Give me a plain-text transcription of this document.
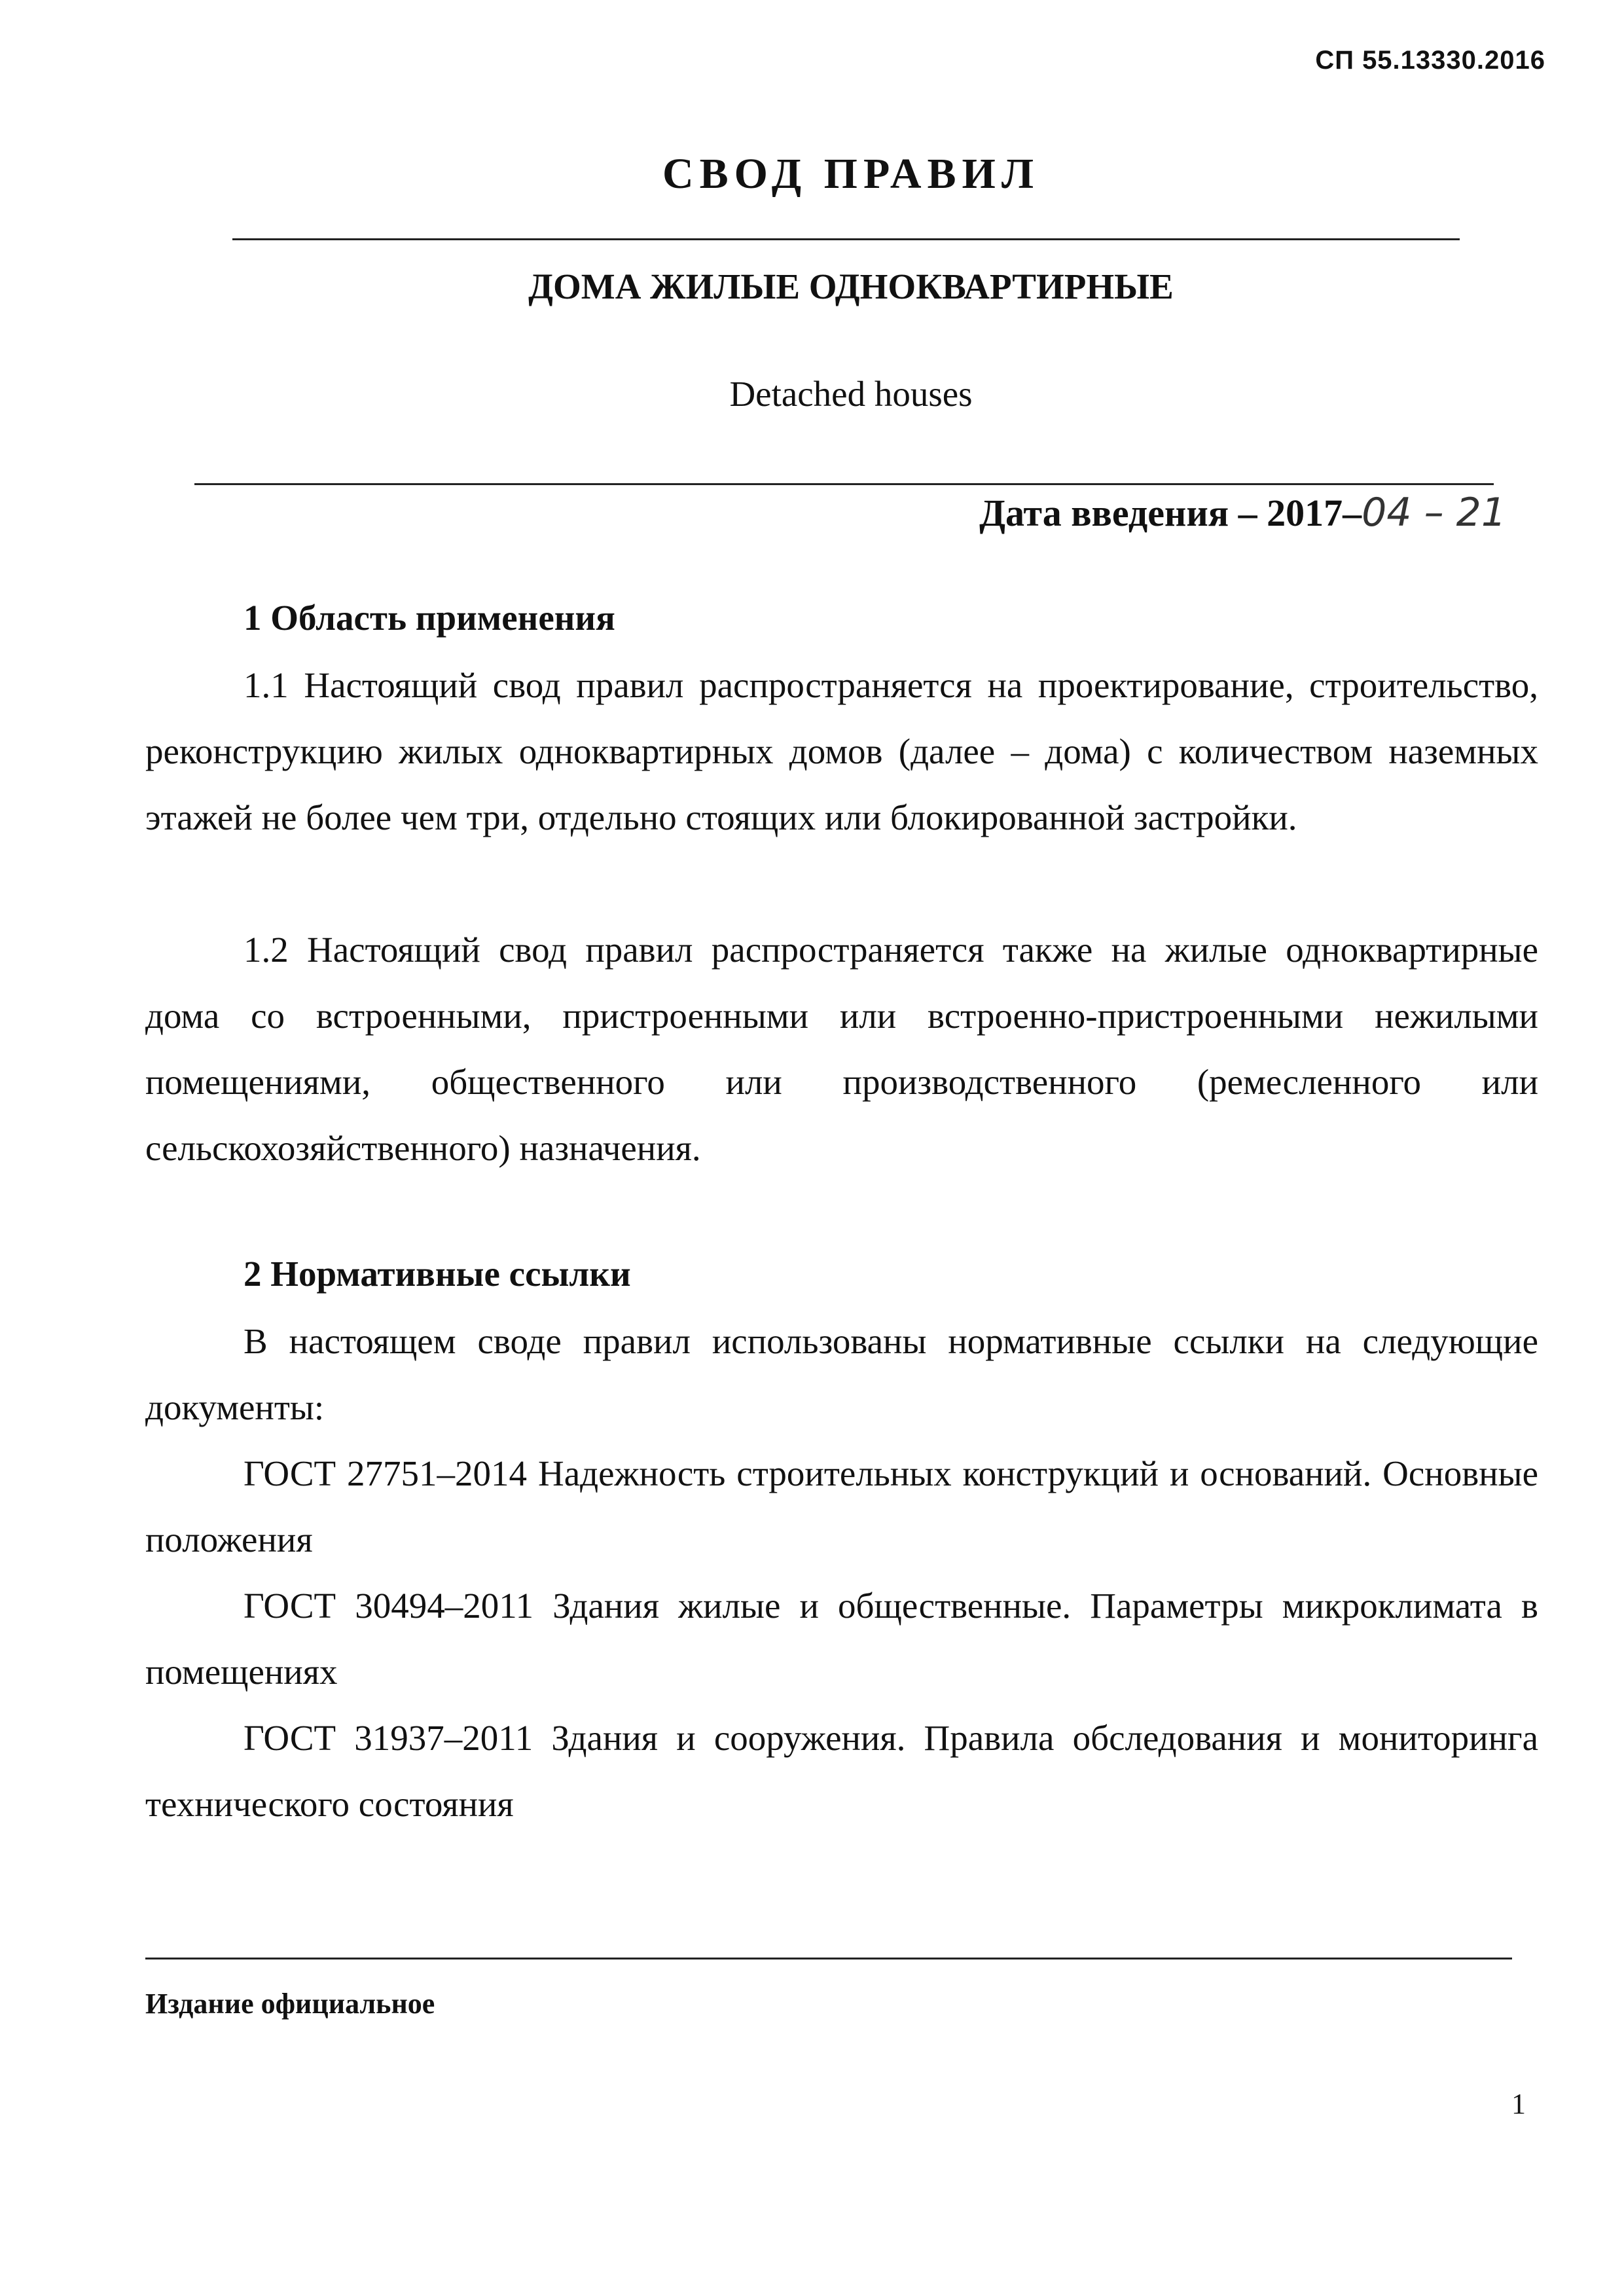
СП 55.13330.2016
СВОД ПРАВИЛ
ДОМА ЖИЛЫЕ ОДНОКВАРТИРНЫЕ
Detached houses
Дата введения – 2017–04 – 21
1 Область применения
1.1 Настоящий свод правил распространяется на проектирование, строительство, реконструкцию жилых одноквартирных домов (далее – дома) с количеством наземных этажей не более чем три, отдельно стоящих или блокированной застройки.
1.2 Настоящий свод правил распространяется также на жилые одноквартирные дома со встроенными, пристроенными или встроенно-пристроенными нежилыми помещениями, общественного или производственного (ремесленного или сельскохозяйственного) назначения.
2 Нормативные ссылки
В настоящем своде правил использованы нормативные ссылки на следующие документы:
ГОСТ 27751–2014 Надежность строительных конструкций и оснований. Основные положения
ГОСТ 30494–2011 Здания жилые и общественные. Параметры микроклимата в помещениях
ГОСТ 31937–2011 Здания и сооружения. Правила обследования и мониторинга технического состояния
Издание официальное
1
